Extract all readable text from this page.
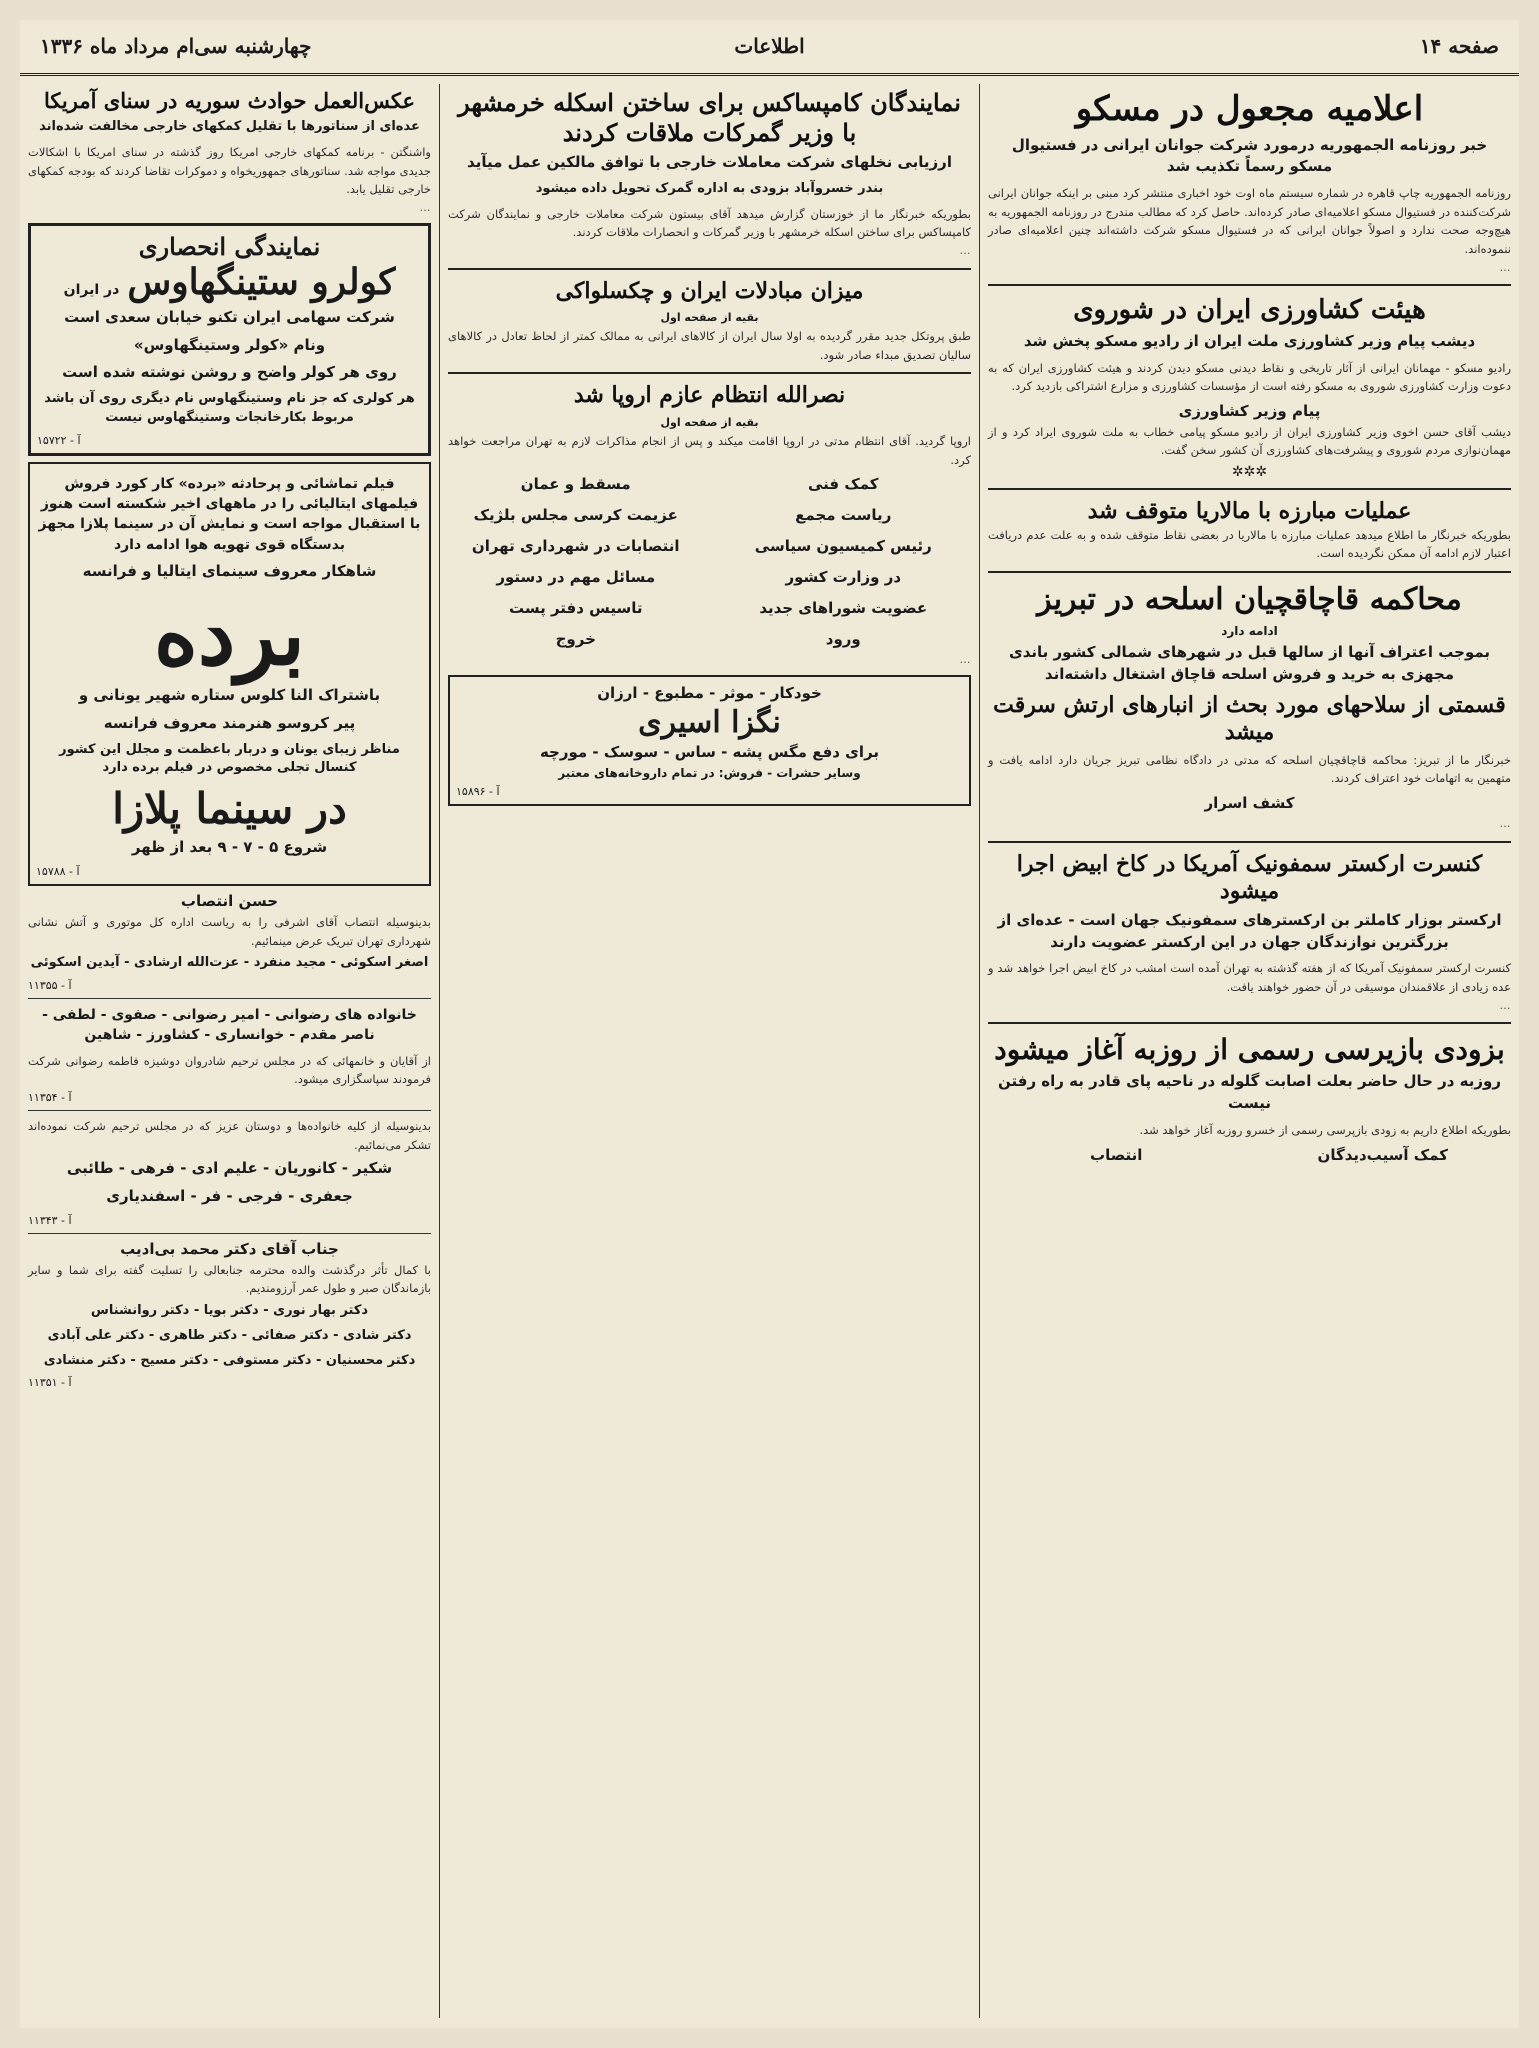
صفحه ۱۴
اطلاعات
چهارشنبه سی‌ام مرداد ماه ۱۳۳۶
اعلامیه مجعول در مسکو
خبر روزنامه الجمهوریه درمورد شرکت جوانان ایرانی در فستیوال مسکو رسماً تکذیب شد
روزنامه الجمهوریه چاپ قاهره در شماره سیستم ماه اوت خود اخباری منتشر کرد مبنی بر اینکه جوانان ایرانی شرکت‌کننده در فستیوال مسکو اعلامیه‌ای صادر کرده‌اند. حاصل کرد که مطالب مندرج در روزنامه الجمهوریه به هیچ‌وجه صحت ندارد و اصولاً جوانان ایرانی که در فستیوال مسکو شرکت داشته‌اند چنین اعلامیه‌ای صادر ننموده‌اند.
…
هیئت کشاورزی ایران در شوروی
دیشب پیام وزیر کشاورزی ملت ایران از رادیو مسکو پخش شد
رادیو مسکو - مهمانان ایرانی از آثار تاریخی و نقاط دیدنی مسکو دیدن کردند و هیئت کشاورزی ایران که به دعوت وزارت کشاورزی شوروی به مسکو رفته است از مؤسسات کشاورزی و مزارع اشتراکی بازدید کرد.
پیام وزیر کشاورزی
دیشب آقای حسن اخوی وزیر کشاورزی ایران از رادیو مسکو پیامی خطاب به ملت شوروی ایراد کرد و از مهمان‌نوازی مردم شوروی و پیشرفت‌های کشاورزی آن کشور سخن گفت.
✲✲✲
عملیات مبارزه با مالاریا متوقف شد
بطوریکه خبرنگار ما اطلاع میدهد عملیات مبارزه با مالاریا در بعضی نقاط متوقف شده و به علت عدم دریافت اعتبار لازم ادامه آن ممکن نگردیده است.
محاکمه قاچاقچیان اسلحه در تبریز
ادامه دارد
بموجب اعتراف آنها از سالها قبل در شهرهای شمالی کشور باندی مجهزی به خرید و فروش اسلحه قاچاق اشتغال داشته‌اند
قسمتی از سلاحهای مورد بحث از انبارهای ارتش سرقت میشد
خبرنگار ما از تبریز: محاکمه قاچاقچیان اسلحه که مدتی در دادگاه نظامی تبریز جریان دارد ادامه یافت و متهمین به اتهامات خود اعتراف کردند.
کشف اسرار
…
کنسرت ارکستر سمفونیک آمریکا در کاخ ابیض اجرا میشود
ارکستر بوزار کاملتر بن ارکسترهای سمفونیک جهان است - عده‌ای از بزرگترین نوازندگان جهان در این ارکستر عضویت دارند
کنسرت ارکستر سمفونیک آمریکا که از هفته گذشته به تهران آمده است امشب در کاخ ابیض اجرا خواهد شد و عده زیادی از علاقمندان موسیقی در آن حضور خواهند یافت.
…
بزودی بازیرسی رسمی از روزبه آغاز میشود
روزبه در حال حاضر بعلت اصابت گلوله در ناحیه پای قادر به راه رفتن نیست
بطوریکه اطلاع داریم به زودی بازپرسی رسمی از خسرو روزبه آغاز خواهد شد.
کمک آسیب‌دیدگان
انتصاب
نمایندگان کامپساکس برای ساختن اسکله خرمشهر
با وزیر گمرکات ملاقات کردند
ارزیابی نخلهای شرکت معاملات خارجی با توافق مالکین عمل میآید
بندر خسروآباد بزودی به اداره گمرک تحویل داده میشود
بطوریکه خبرنگار ما از خوزستان گزارش میدهد آقای بیستون شرکت معاملات خارجی و نمایندگان شرکت کامپساکس برای ساختن اسکله خرمشهر با وزیر گمرکات و انحصارات ملاقات کردند.
…
میزان مبادلات ایران و چکسلواکی
بقیه از صفحه اول
طبق پروتکل جدید مقرر گردیده به اولا سال ایران از کالاهای ایرانی به ممالک کمتر از لحاظ تعادل در کالاهای سالیان تصدیق مبداء صادر شود.
نصرالله انتظام عازم اروپا شد
بقیه از صفحه اول
اروپا گردید. آقای انتظام مدتی در اروپا اقامت میکند و پس از انجام مذاکرات لازم به تهران مراجعت خواهد کرد.
کمک فنی
مسقط و عمان
ریاست مجمع
عزیمت کرسی مجلس بلژیک
رئیس کمیسیون سیاسی
انتصابات در شهرداری تهران
در وزارت کشور
مسائل مهم در دستور
عضویت شوراهای جدید
تاسیس دفتر پست
ورود
خروج
…
خودکار - موثر - مطبوع - ارزان
نگزا اسیری
برای دفع مگس پشه - ساس - سوسک - مورچه
وسایر حشرات - فروش: در تمام داروخانه‌های معتبر
آ - ۱۵۸۹۶
عکس‌العمل حوادث سوریه در سنای آمریکا
عده‌ای از سناتورها با تقلیل کمکهای خارجی مخالفت شده‌اند
واشنگتن - برنامه کمکهای خارجی امریکا روز گذشته در سنای امریکا با اشکالات جدیدی مواجه شد. سناتورهای جمهوریخواه و دموکرات تقاضا کردند که بودجه کمکهای خارجی تقلیل یابد.
…
نمایندگی انحصاری
کولرو ستینگهاوس
در ایران
شرکت سهامی ایران تکنو خیابان سعدی است
ونام «کولر وستینگهاوس»
روی هر کولر واضح و روشن نوشته شده است
هر کولری که جز نام وستینگهاوس نام دیگری روی آن باشد مربوط بکارخانجات وستینگهاوس نیست
آ - ۱۵۷۲۲
فیلم تماشائی و پرحادثه «برده» کار کورد فروش فیلمهای ایتالیائی را در ماههای اخیر شکسته است هنوز با استقبال مواجه است و نمایش آن در سینما پلازا مجهز بدستگاه قوی تهویه هوا ادامه دارد
شاهکار معروف سینمای ایتالیا و فرانسه
برده
باشتراک النا کلوس ستاره شهیر یونانی و
پیر کروسو هنرمند معروف فرانسه
مناظر زیبای یونان و دربار باعظمت و مجلل این کشور کنسال تجلی مخصوص در فیلم برده دارد
در سینما پلازا
شروع ۵ - ۷ - ۹ بعد از ظهر
آ - ۱۵۷۸۸
حسن انتصاب
بدینوسیله انتصاب آقای اشرفی را به ریاست اداره کل موتوری و آتش نشانی شهرداری تهران تبریک عرض مینمائیم.
اصغر اسکوئی - مجید منفرد - عزت‌الله ارشادی - آیدین اسکوئی
آ - ۱۱۳۵۵
خانواده های رضوانی - امیر رضوانی - صفوی - لطفی - ناصر مقدم - خوانساری - کشاورز - شاهین
از آقایان و خانمهائی که در مجلس ترحیم شادروان دوشیزه فاطمه رضوانی شرکت فرمودند سپاسگزاری میشود.
آ - ۱۱۳۵۴
بدینوسیله از کلیه خانواده‌ها و دوستان عزیز که در مجلس ترحیم شرکت نموده‌اند تشکر می‌نمائیم.
شکیر - کانوریان - علیم ادی - فرهی - طائبی
جعفری - فرجی - فر - اسفندیاری
آ - ۱۱۳۴۳
جناب آقای دکتر محمد بی‌ادیب
با کمال تأثر درگذشت والده محترمه جنابعالی را تسلیت گفته برای شما و سایر بازماندگان صبر و طول عمر آرزومندیم.
دکتر بهار نوری - دکتر بویا - دکتر روانشناس
دکتر شادی - دکتر صفائی - دکتر طاهری - دکتر علی آبادی
دکتر محسنیان - دکتر مستوفی - دکتر مسیح - دکتر منشادی
آ - ۱۱۳۵۱
